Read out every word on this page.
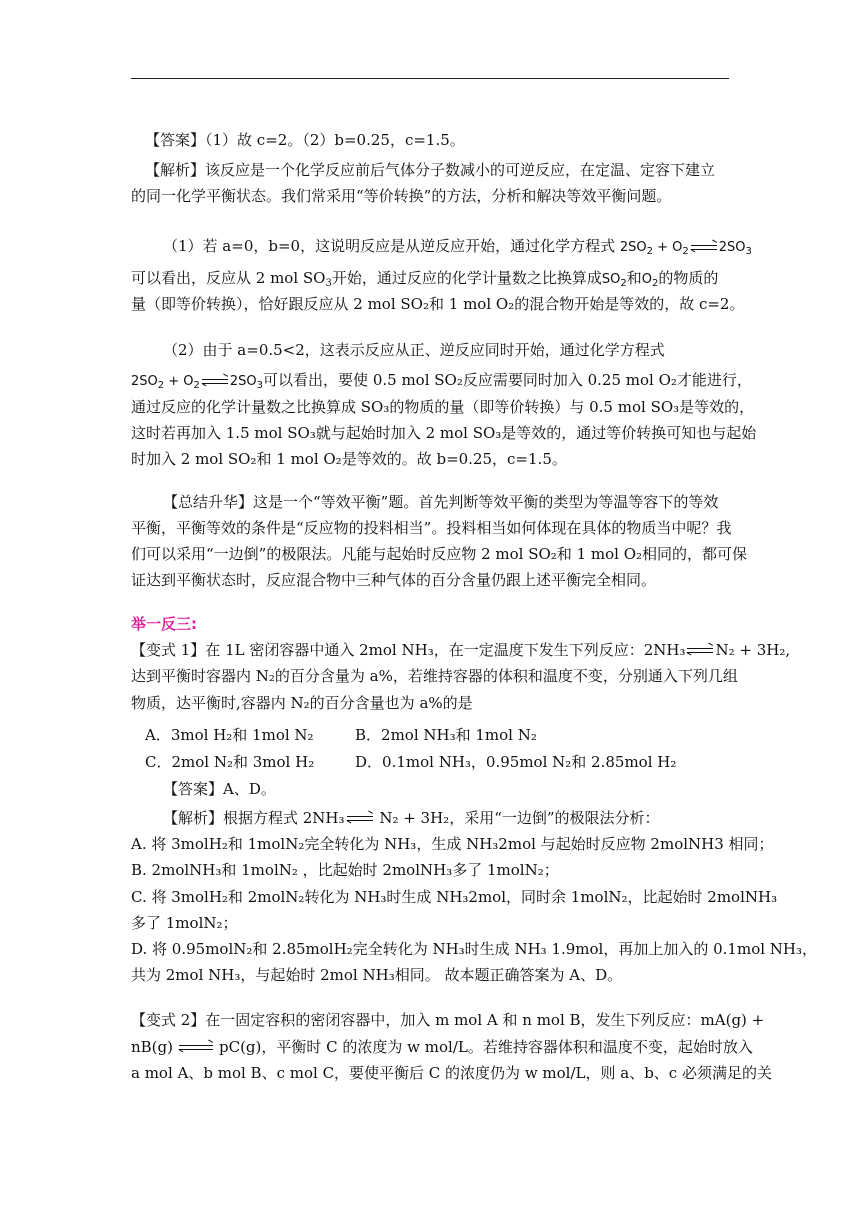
【答案】（1）故 c=2。（2）b=0.25，c=1.5。
【解析】该反应是一个化学反应前后气体分子数减小的可逆反应，在定温、定容下建立
的同一化学平衡状态。我们常采用“等价转换”的方法，分析和解决等效平衡问题。
（1）若 a=0，b=0，这说明反应是从逆反应开始，通过化学方程式 $2SO_2 + O_2$ $2SO_3$
可以看出，反应从 2 mol $SO_3$开始，通过反应的化学计量数之比换算成$SO_2$和$O_2$的物质的
量（即等价转换），恰好跟反应从 2 mol SO₂和 1 mol O₂的混合物开始是等效的，故 c=2。
（2）由于 a=0.5<2，这表示反应从正、逆反应同时开始，通过化学方程式
$2SO_2 + O_2$ $2SO_3$可以看出，要使 0.5 mol SO₂反应需要同时加入 0.25 mol O₂才能进行，
通过反应的化学计量数之比换算成 SO₃的物质的量（即等价转换）与 0.5 mol SO₃是等效的，
这时若再加入 1.5 mol SO₃就与起始时加入 2 mol SO₃是等效的，通过等价转换可知也与起始
时加入 2 mol SO₂和 1 mol O₂是等效的。故 b=0.25，c=1.5。
【总结升华】这是一个“等效平衡”题。首先判断等效平衡的类型为等温等容下的等效
平衡，平衡等效的条件是“反应物的投料相当”。投料相当如何体现在具体的物质当中呢？我
们可以采用“一边倒”的极限法。凡能与起始时反应物 2 mol SO₂和 1 mol O₂相同的，都可保
证达到平衡状态时，反应混合物中三种气体的百分含量仍跟上述平衡完全相同。
举一反三:
【变式 1】在 1L 密闭容器中通入 2mol NH₃，在一定温度下发生下列反应：2NH₃ N₂ + 3H₂,
达到平衡时容器内 N₂的百分含量为 a%，若维持容器的体积和温度不变，分别通入下列几组
物质，达平衡时,容器内 N₂的百分含量也为 a%的是
A．3mol H₂和 1mol N₂	B．2mol NH₃和 1mol N₂
C．2mol N₂和 3mol H₂	D．0.1mol NH₃，0.95mol N₂和 2.85mol H₂
【答案】A、D。
【解析】根据方程式 2NH₃
N₂ + 3H₂，采用“一边倒”的极限法分析：
A. 将 3molH₂和 1molN₂完全转化为 NH₃，生成 NH₃2mol 与起始时反应物 2molNH3 相同；
B. 2molNH₃和 1molN₂ ，比起始时 2molNH₃多了 1molN₂；
C. 将 3molH₂和 2molN₂转化为 NH₃时生成 NH₃2mol，同时余 1molN₂，比起始时 2molNH₃
多了 1molN₂；
D. 将 0.95molN₂和 2.85molH₂完全转化为 NH₃时生成 NH₃ 1.9mol，再加上加入的 0.1mol NH₃，
共为 2mol NH₃，与起始时 2mol NH₃相同。 故本题正确答案为 A、D。
【变式 2】在一固定容积的密闭容器中，加入 m mol A 和 n mol B，发生下列反应：mA(g) +
nB(g)	pC(g)，平衡时 C 的浓度为 w mol/L。若维持容器体积和温度不变，起始时放入
a mol A、b mol B、c mol C，要使平衡后 C 的浓度仍为 w mol/L，则 a、b、c 必须满足的关
